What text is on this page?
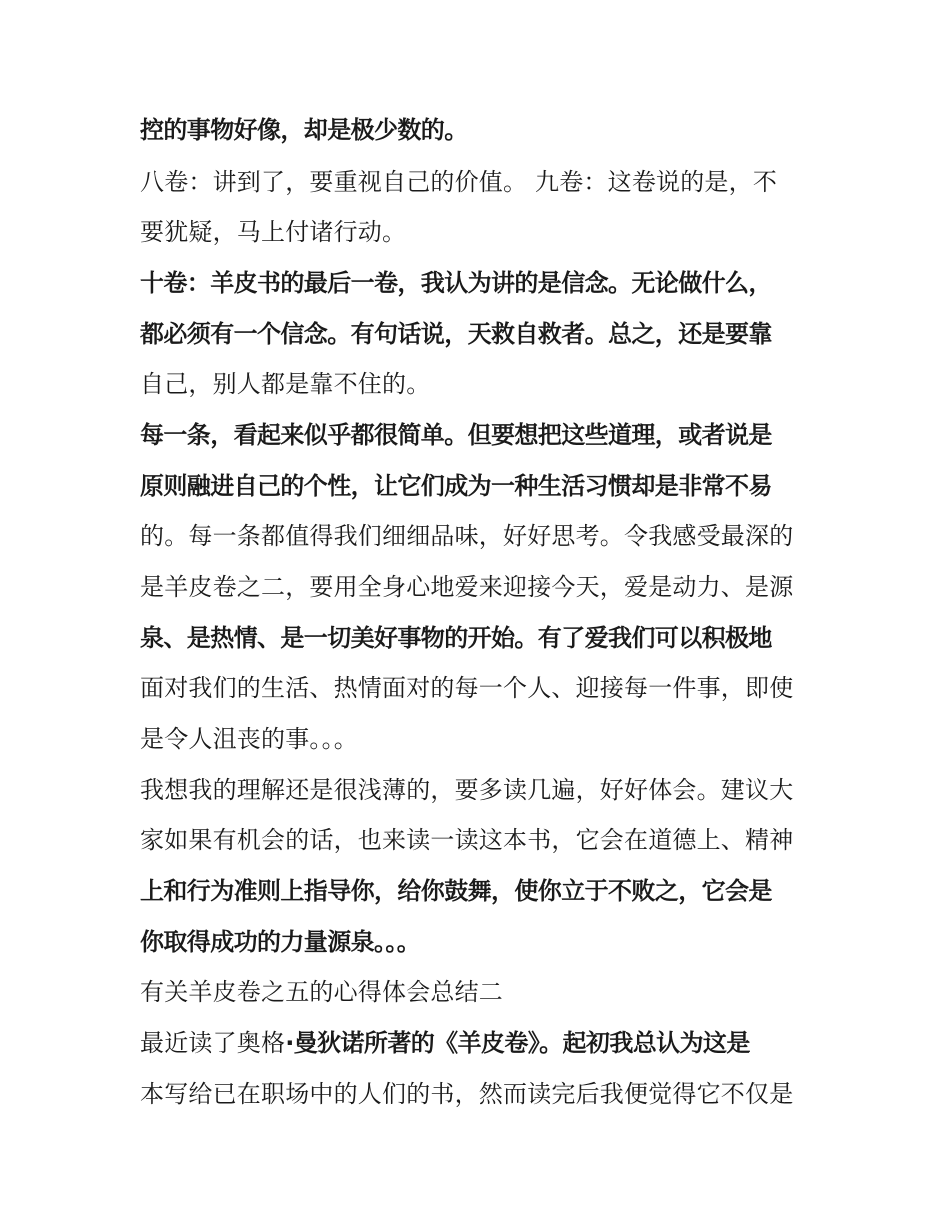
控的事物好像，却是极少数的。
八卷：讲到了，要重视自己的价值。 九卷：这卷说的是，不
要犹疑，马上付诸行动。
十卷：羊皮书的最后一卷，我认为讲的是信念。无论做什么，
都必须有一个信念。有句话说，天救自救者。总之，还是要靠
自己，别人都是靠不住的。
每一条，看起来似乎都很简单。但要想把这些道理，或者说是
原则融进自己的个性，让它们成为一种生活习惯却是非常不易
的。每一条都值得我们细细品味，好好思考。令我感受最深的
是羊皮卷之二，要用全身心地爱来迎接今天，爱是动力、是源
泉、是热情、是一切美好事物的开始。有了爱我们可以积极地
面对我们的生活、热情面对的每一个人、迎接每一件事，即使
是令人沮丧的事。。。
我想我的理解还是很浅薄的，要多读几遍，好好体会。建议大
家如果有机会的话，也来读一读这本书，它会在道德上、精神
上和行为准则上指导你，给你鼓舞，使你立于不败之，它会是
你取得成功的力量源泉。。。
有关羊皮卷之五的心得体会总结二
最近读了奥格·曼狄诺所著的《羊皮卷》。起初我总认为这是
本写给已在职场中的人们的书，然而读完后我便觉得它不仅是
